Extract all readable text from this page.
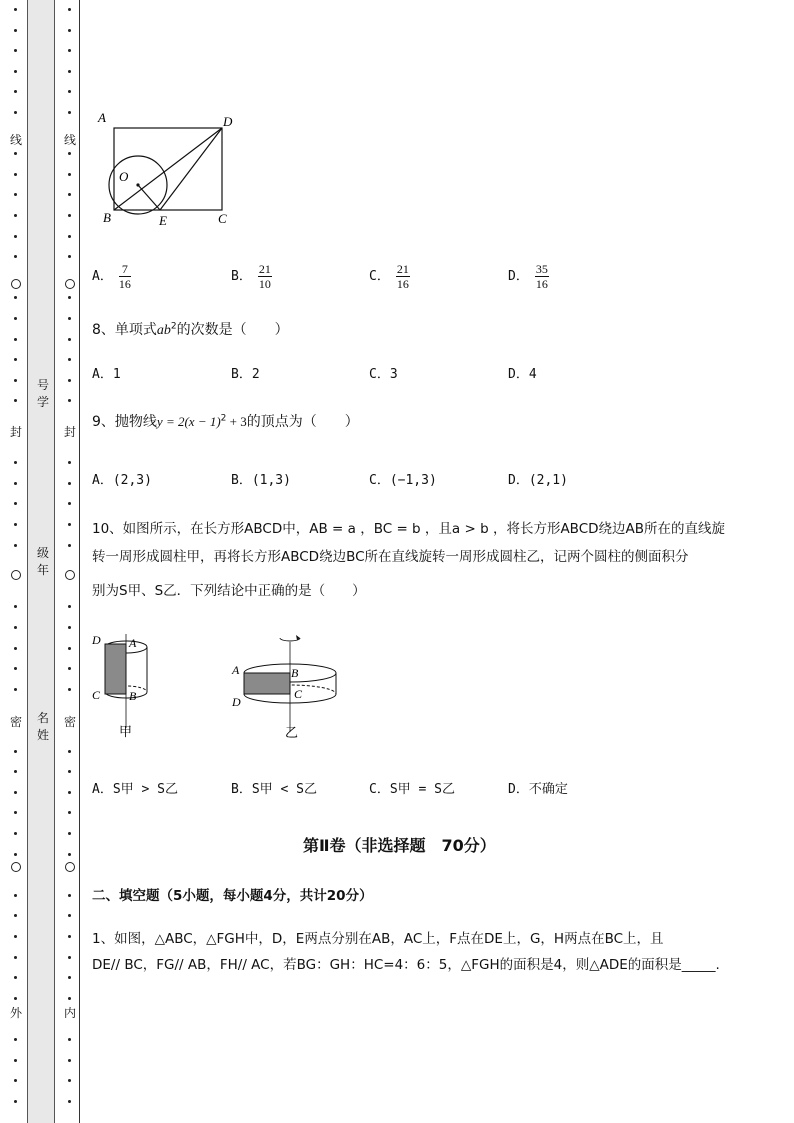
线
封
密
外
线
封
密
内
号学
级年
名姓
A	D
O
B	E	C
A． $\frac{7}{16}$	B． $\frac{21}{10}$	C． $\frac{21}{16}$	D． $\frac{35}{16}$
8、单项式$ab^2$的次数是（　　）
A．1	B．2	C．3	D．4
9、抛物线$y = 2(x - 1)^2 + 3$的顶点为（　　）
A．(2,3)	B．(1,3)	C．(−1,3)	D．(2,1)
10、如图所示，在长方形ABCD中，AB = a ，BC = b ，且a > b ，将长方形ABCD绕边AB所在的直线旋
转一周形成圆柱甲，再将长方形ABCD绕边BC所在直线旋转一周形成圆柱乙，记两个圆柱的侧面积分
别为S甲、S乙．下列结论中正确的是（　　）
D A
C B
甲
A	B
D
C
乙
A．S甲 > S乙	B．S甲 < S乙	C．S甲 = S乙	D．不确定
第Ⅱ卷（非选择题　70分）
二、填空题（5小题，每小题4分，共计20分）
1、如图，△ABC，△FGH中，D，E两点分别在AB，AC上，F点在DE上，G，H两点在BC上，且
DE// BC，FG// AB，FH// AC，若BG：GH：HC=4：6：5，△FGH的面积是4，则△ADE的面积是_____.
